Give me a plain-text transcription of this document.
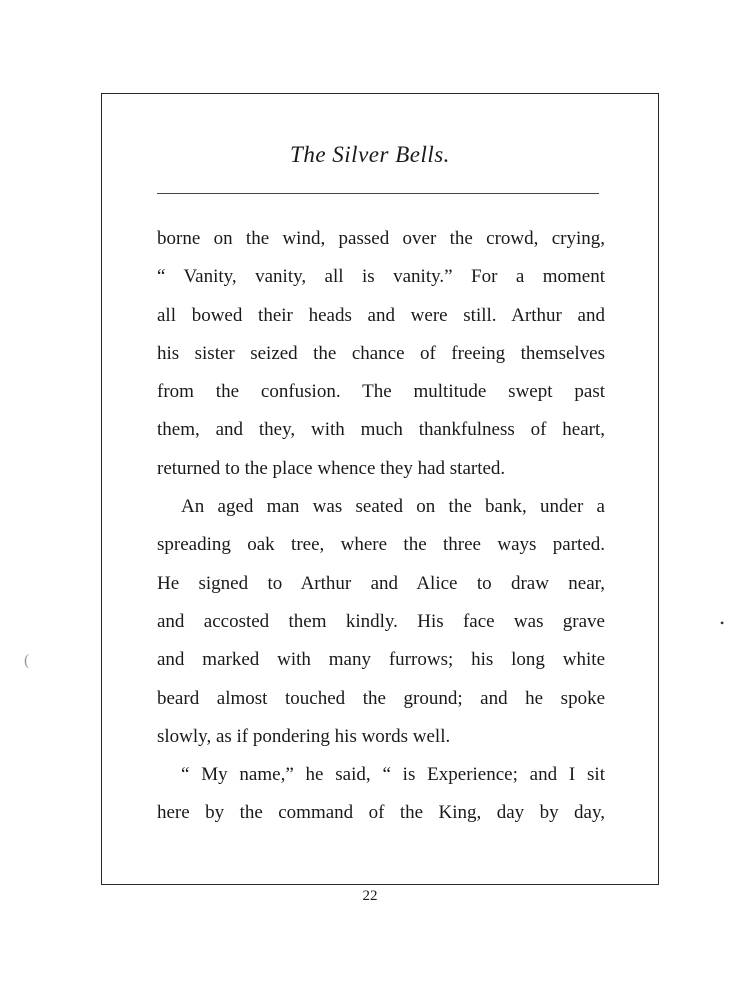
The Silver Bells.
borne on the wind, passed over the crowd, crying,
“ Vanity, vanity, all is vanity.” For a moment
all bowed their heads and were still. Arthur and
his sister seized the chance of freeing themselves
from the confusion. The multitude swept past
them, and they, with much thankfulness of heart,
returned to the place whence they had started.
An aged man was seated on the bank, under a
spreading oak tree, where the three ways parted.
He signed to Arthur and Alice to draw near,
and accosted them kindly. His face was grave
and marked with many furrows; his long white
beard almost touched the ground; and he spoke
slowly, as if pondering his words well.
“ My name,” he said, “ is Experience; and I sit
here by the command of the King, day by day,
22
•
(
